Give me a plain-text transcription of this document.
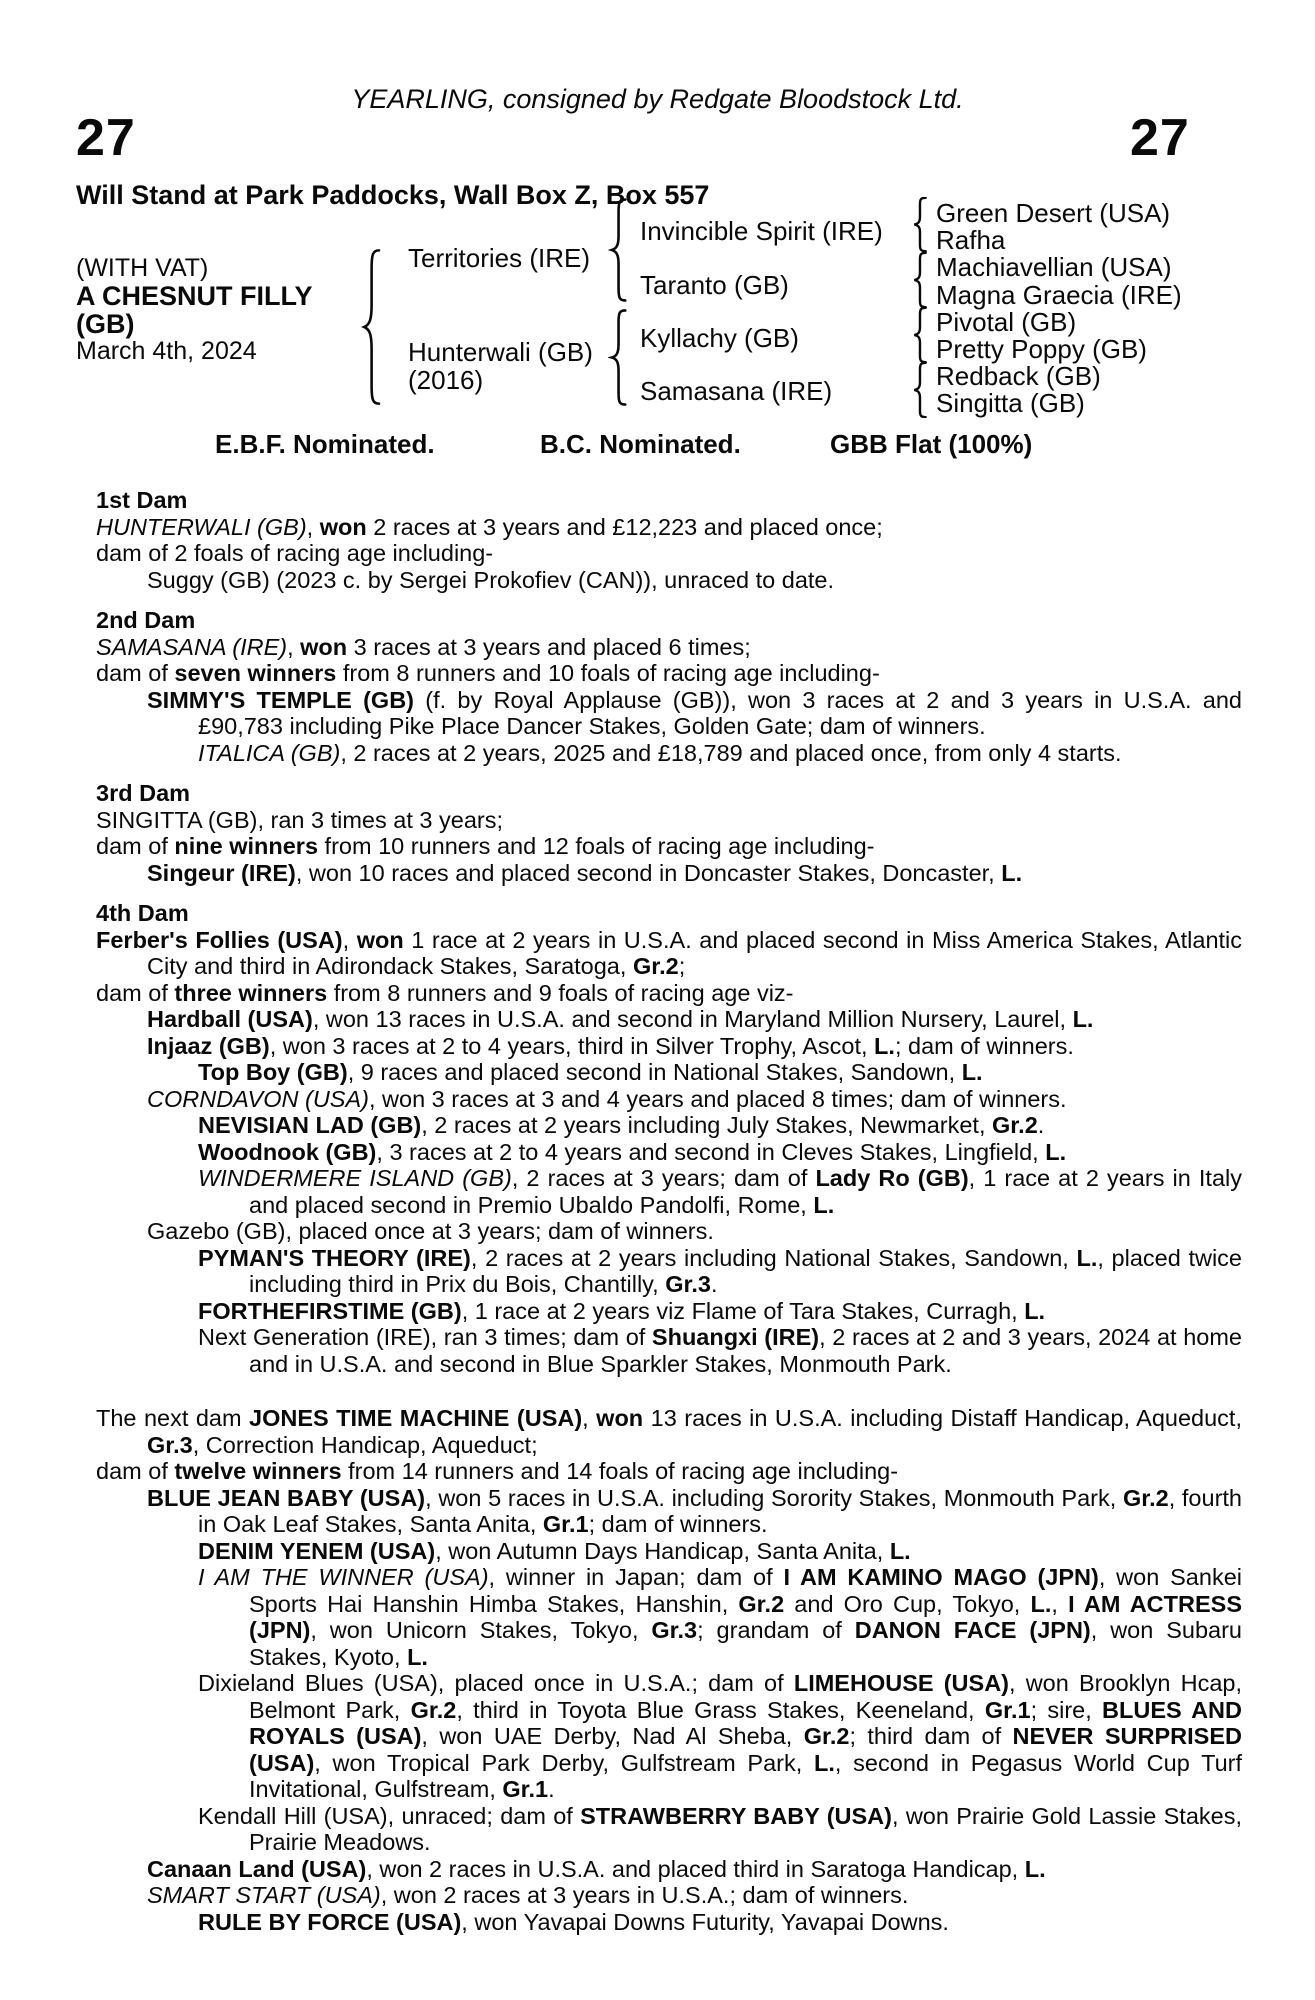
YEARLING, consigned by Redgate Bloodstock Ltd.
27	27
Will Stand at Park Paddocks, Wall Box Z, Box 557
(WITH VAT)
A CHESNUT FILLY
(GB)
March 4th, 2024
Territories (IRE)
Hunterwali (GB)
(2016)
Invincible Spirit (IRE)
Taranto (GB)
Kyllachy (GB)
Samasana (IRE)
Green Desert (USA)
Rafha
Machiavellian (USA)
Magna Graecia (IRE)
Pivotal (GB)
Pretty Poppy (GB)
Redback (GB)
Singitta (GB)
E.B.F. Nominated.	B.C. Nominated.	GBB Flat (100%)
1st Dam

HUNTERWALI (GB), won 2 races at 3 years and £12,223 and placed once;

dam of 2 foals of racing age including-

Suggy (GB) (2023 c. by Sergei Prokofiev (CAN)), unraced to date.

2nd Dam

SAMASANA (IRE), won 3 races at 3 years and placed 6 times;

dam of seven winners from 8 runners and 10 foals of racing age including-

SIMMY'S TEMPLE (GB) (f. by Royal Applause (GB)), won 3 races at 2 and 3 years in U.S.A. and £90,783 including Pike Place Dancer Stakes, Golden Gate; dam of winners.

ITALICA (GB), 2 races at 2 years, 2025 and £18,789 and placed once, from only 4 starts.

3rd Dam

SINGITTA (GB), ran 3 times at 3 years;

dam of nine winners from 10 runners and 12 foals of racing age including-

Singeur (IRE), won 10 races and placed second in Doncaster Stakes, Doncaster, L.

4th Dam

Ferber's Follies (USA), won 1 race at 2 years in U.S.A. and placed second in Miss America Stakes, Atlantic City and third in Adirondack Stakes, Saratoga, Gr.2;

dam of three winners from 8 runners and 9 foals of racing age viz-

Hardball (USA), won 13 races in U.S.A. and second in Maryland Million Nursery, Laurel, L.

Injaaz (GB), won 3 races at 2 to 4 years, third in Silver Trophy, Ascot, L.; dam of winners.

Top Boy (GB), 9 races and placed second in National Stakes, Sandown, L.

CORNDAVON (USA), won 3 races at 3 and 4 years and placed 8 times; dam of winners.

NEVISIAN LAD (GB), 2 races at 2 years including July Stakes, Newmarket, Gr.2.

Woodnook (GB), 3 races at 2 to 4 years and second in Cleves Stakes, Lingfield, L.

WINDERMERE ISLAND (GB), 2 races at 3 years; dam of Lady Ro (GB), 1 race at 2 years in Italy and placed second in Premio Ubaldo Pandolfi, Rome, L.

Gazebo (GB), placed once at 3 years; dam of winners.

PYMAN'S THEORY (IRE), 2 races at 2 years including National Stakes, Sandown, L., placed twice including third in Prix du Bois, Chantilly, Gr.3.

FORTHEFIRSTIME (GB), 1 race at 2 years viz Flame of Tara Stakes, Curragh, L.

Next Generation (IRE), ran 3 times; dam of Shuangxi (IRE), 2 races at 2 and 3 years, 2024 at home and in U.S.A. and second in Blue Sparkler Stakes, Monmouth Park.

The next dam JONES TIME MACHINE (USA), won 13 races in U.S.A. including Distaff Handicap, Aqueduct, Gr.3, Correction Handicap, Aqueduct;

dam of twelve winners from 14 runners and 14 foals of racing age including-

BLUE JEAN BABY (USA), won 5 races in U.S.A. including Sorority Stakes, Monmouth Park, Gr.2, fourth in Oak Leaf Stakes, Santa Anita, Gr.1; dam of winners.

DENIM YENEM (USA), won Autumn Days Handicap, Santa Anita, L.

I AM THE WINNER (USA), winner in Japan; dam of I AM KAMINO MAGO (JPN), won Sankei Sports Hai Hanshin Himba Stakes, Hanshin, Gr.2 and Oro Cup, Tokyo, L., I AM ACTRESS (JPN), won Unicorn Stakes, Tokyo, Gr.3; grandam of DANON FACE (JPN), won Subaru Stakes, Kyoto, L.

Dixieland Blues (USA), placed once in U.S.A.; dam of LIMEHOUSE (USA), won Brooklyn Hcap, Belmont Park, Gr.2, third in Toyota Blue Grass Stakes, Keeneland, Gr.1; sire, BLUES AND ROYALS (USA), won UAE Derby, Nad Al Sheba, Gr.2; third dam of NEVER SURPRISED (USA), won Tropical Park Derby, Gulfstream Park, L., second in Pegasus World Cup Turf Invitational, Gulfstream, Gr.1.

Kendall Hill (USA), unraced; dam of STRAWBERRY BABY (USA), won Prairie Gold Lassie Stakes, Prairie Meadows.

Canaan Land (USA), won 2 races in U.S.A. and placed third in Saratoga Handicap, L.

SMART START (USA), won 2 races at 3 years in U.S.A.; dam of winners.

RULE BY FORCE (USA), won Yavapai Downs Futurity, Yavapai Downs.
